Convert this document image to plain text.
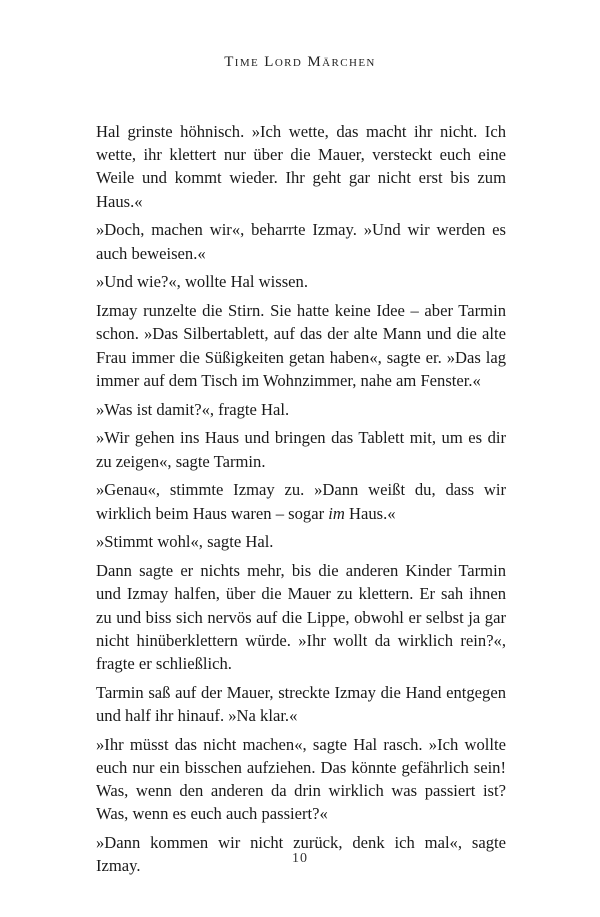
Time Lord Märchen

Hal grinste höhnisch. »Ich wette, das macht ihr nicht. Ich wette, ihr klettert nur über die Mauer, versteckt euch eine Weile und kommt wieder. Ihr geht gar nicht erst bis zum Haus.«

»Doch, machen wir«, beharrte Izmay. »Und wir werden es auch beweisen.«

»Und wie?«, wollte Hal wissen.

Izmay runzelte die Stirn. Sie hatte keine Idee – aber Tarmin schon. »Das Silbertablett, auf das der alte Mann und die alte Frau immer die Süßigkeiten getan haben«, sagte er. »Das lag immer auf dem Tisch im Wohnzimmer, nahe am Fenster.«

»Was ist damit?«, fragte Hal.

»Wir gehen ins Haus und bringen das Tablett mit, um es dir zu zeigen«, sagte Tarmin.

»Genau«, stimmte Izmay zu. »Dann weißt du, dass wir wirklich beim Haus waren – sogar im Haus.«

»Stimmt wohl«, sagte Hal.

Dann sagte er nichts mehr, bis die anderen Kinder Tarmin und Izmay halfen, über die Mauer zu klettern. Er sah ihnen zu und biss sich nervös auf die Lippe, obwohl er selbst ja gar nicht hinüberklettern würde. »Ihr wollt da wirklich rein?«, fragte er schließlich.

Tarmin saß auf der Mauer, streckte Izmay die Hand entgegen und half ihr hinauf. »Na klar.«

»Ihr müsst das nicht machen«, sagte Hal rasch. »Ich wollte euch nur ein bisschen aufziehen. Das könnte gefährlich sein! Was, wenn den anderen da drin wirklich was passiert ist? Was, wenn es euch auch passiert?«

»Dann kommen wir nicht zurück, denk ich mal«, sagte Izmay.	10
